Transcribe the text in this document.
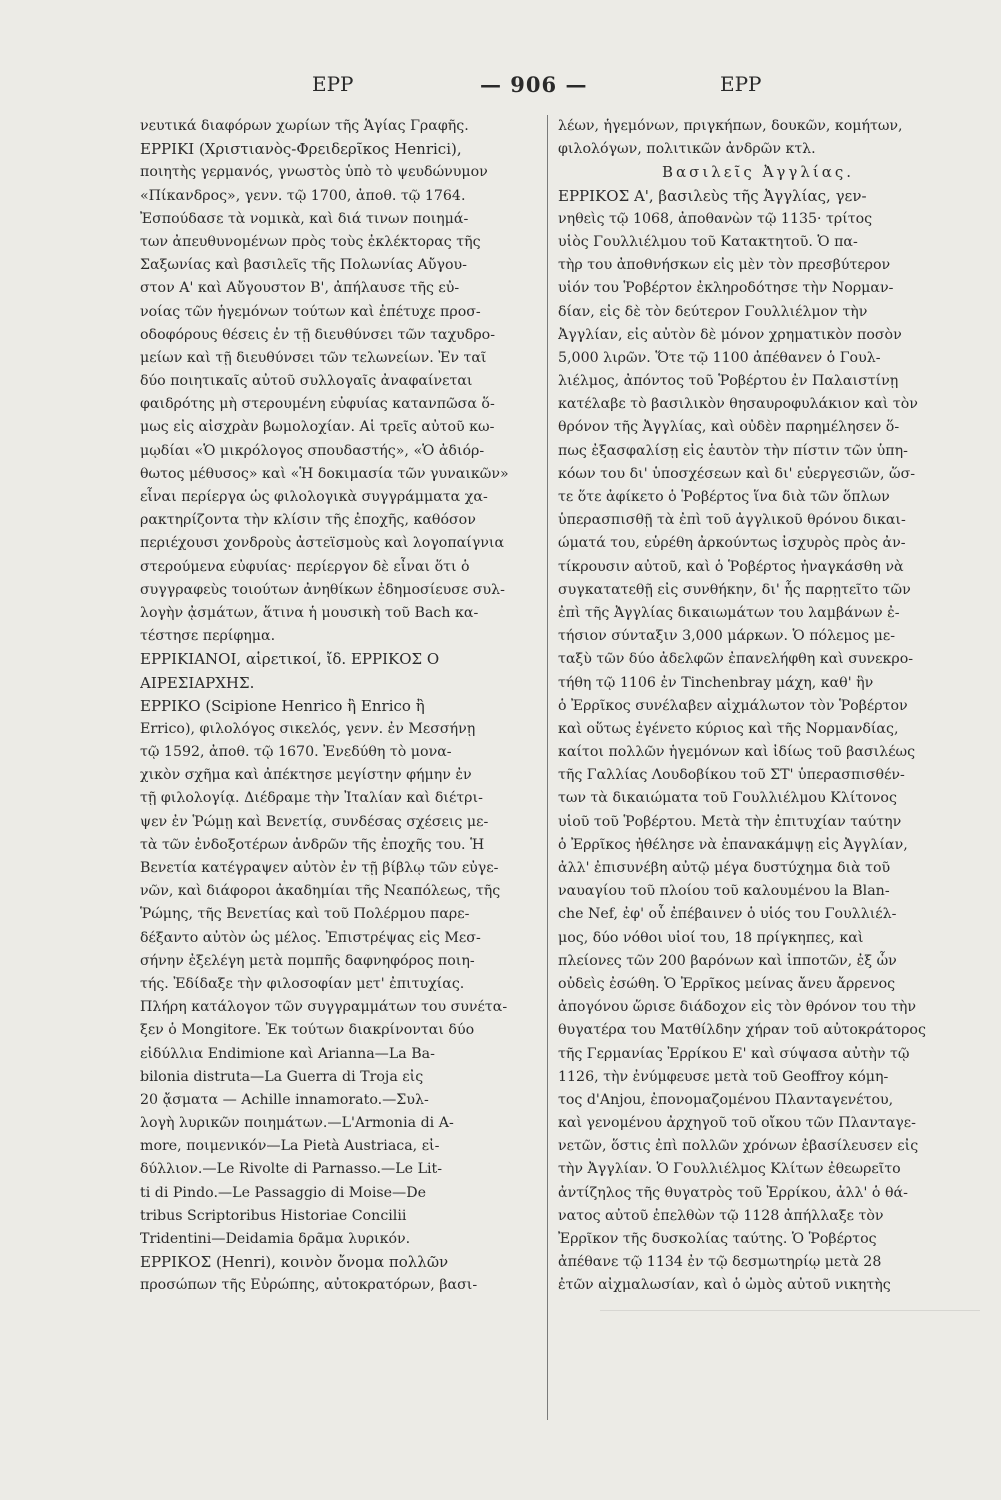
ΕΡΡ	— 906 —	ΕΡΡ
νευτικά διαφόρων χωρίων τῆς Ἁγίας Γραφῆς.
ΕΡΡΙΚΙ (Χριστιανὸς-Φρειδερῖκος Henrici),
ποιητὴς γερμανός, γνωστὸς ὑπὸ τὸ ψευδώνυμον
«Πίκανδρος», γενν. τῷ 1700, ἀποθ. τῷ 1764.
Ἐσπούδασε τὰ νομικὰ, καὶ διά τινων ποιημά-
των ἀπευθυνομένων πρὸς τοὺς ἐκλέκτορας τῆς
Σαξωνίας καὶ βασιλεῖς τῆς Πολωνίας Αὔγου-
στον Α' καὶ Αὔγουστον Β', ἀπήλαυσε τῆς εὐ-
νοίας τῶν ἡγεμόνων τούτων καὶ ἐπέτυχε προσ-
οδοφόρους θέσεις ἐν τῇ διευθύνσει τῶν ταχυδρο-
μείων καὶ τῇ διευθύνσει τῶν τελωνείων. Ἐν ταῖ
δύο ποιητικαῖς αὐτοῦ συλλογαῖς ἀναφαίνεται
φαιδρότης μὴ στερουμένη εὐφυίας κατανπῶσα ὅ-
μως εἰς αἰσχρὰν βωμολοχίαν. Αἱ τρεῖς αὐτοῦ κω-
μῳδίαι «Ὁ μικρόλογος σπουδαστής», «Ὁ ἀδιόρ-
θωτος μέθυσος» καὶ «Ἡ δοκιμασία τῶν γυναικῶν»
εἶναι περίεργα ὡς φιλολογικὰ συγγράμματα χα-
ρακτηρίζοντα τὴν κλίσιν τῆς ἐποχῆς, καθόσον
περιέχουσι χονδροὺς ἀστεϊσμοὺς καὶ λογοπαίγνια
στερούμενα εὐφυίας· περίεργον δὲ εἶναι ὅτι ὁ
συγγραφεὺς τοιούτων ἀνηθίκων ἐδημοσίευσε συλ-
λογὴν ᾀσμάτων, ἅτινα ἡ μουσικὴ τοῦ Bach κα-
τέστησε περίφημα.
ΕΡΡΙΚΙΑΝΟΙ, αἱρετικοί, ἴδ. ΕΡΡΙΚΟΣ Ο
ΑΙΡΕΣΙΑΡΧΗΣ.
ΕΡΡΙΚΟ (Scipione Henrico ἢ Enrico ἢ
Errico), φιλολόγος σικελός, γενν. ἐν Μεσσήνῃ
τῷ 1592, ἀποθ. τῷ 1670. Ἐνεδύθη τὸ μονα-
χικὸν σχῆμα καὶ ἀπέκτησε μεγίστην φήμην ἐν
τῇ φιλολογίᾳ. Διέδραμε τὴν Ἰταλίαν καὶ διέτρι-
ψεν ἐν Ῥώμῃ καὶ Βενετίᾳ, συνδέσας σχέσεις με-
τὰ τῶν ἐνδοξοτέρων ἀνδρῶν τῆς ἐποχῆς του. Ἡ
Βενετία κατέγραψεν αὐτὸν ἐν τῇ βίβλῳ τῶν εὐγε-
νῶν, καὶ διάφοροι ἀκαδημίαι τῆς Νεαπόλεως, τῆς
Ῥώμης, τῆς Βενετίας καὶ τοῦ Πολέρμου παρε-
δέξαντο αὐτὸν ὡς μέλος. Ἐπιστρέψας εἰς Μεσ-
σήνην ἐξελέγη μετὰ πομπῆς δαφνηφόρος ποιη-
τής. Ἐδίδαξε τὴν φιλοσοφίαν μετ' ἐπιτυχίας.
Πλήρη κατάλογον τῶν συγγραμμάτων του συνέτα-
ξεν ὁ Mongitore. Ἐκ τούτων διακρίνονται δύο
εἰδύλλια Endimione καὶ Arianna—La Ba-
bilonia distruta—La Guerra di Troja εἰς
20 ᾄσματα — Achille innamorato.—Συλ-
λογὴ λυρικῶν ποιημάτων.—L'Armonia di A-
more, ποιμενικόν—La Pietà Austriaca, εἰ-
δύλλιον.—Le Rivolte di Parnasso.—Le Lit-
ti di Pindo.—Le Passaggio di Moise—De
tribus Scriptoribus Historiae Concilii
Tridentini—Deidamia δρᾶμα λυρικόν.
ΕΡΡΙΚΟΣ (Henri), κοινὸν ὄνομα πολλῶν
προσώπων τῆς Εὐρώπης, αὐτοκρατόρων, βασι-
λέων, ἡγεμόνων, πριγκήπων, δουκῶν, κομήτων,
φιλολόγων, πολιτικῶν ἀνδρῶν κτλ.
Βασιλεῖς Ἀγγλίας.
ΕΡΡΙΚΟΣ Α', βασιλεὺς τῆς Ἀγγλίας, γεν-
νηθεὶς τῷ 1068, ἀποθανὼν τῷ 1135· τρίτος
υἱὸς Γουλλιέλμου τοῦ Κατακτητοῦ. Ὁ πα-
τὴρ του ἀποθνήσκων εἰς μὲν τὸν πρεσβύτερον
υἱόν του Ῥοβέρτον ἐκληροδότησε τὴν Νορμαν-
δίαν, εἰς δὲ τὸν δεύτερον Γουλλιέλμον τὴν
Ἀγγλίαν, εἰς αὐτὸν δὲ μόνον χρηματικὸν ποσὸν
5,000 λιρῶν. Ὅτε τῷ 1100 ἀπέθανεν ὁ Γουλ-
λιέλμος, ἀπόντος τοῦ Ῥοβέρτου ἐν Παλαιστίνῃ
κατέλαβε τὸ βασιλικὸν θησαυροφυλάκιον καὶ τὸν
θρόνον τῆς Ἀγγλίας, καὶ οὐδὲν παρημέλησεν ὅ-
πως ἐξασφαλίσῃ εἰς ἑαυτὸν τὴν πίστιν τῶν ὑπη-
κόων του δι' ὑποσχέσεων καὶ δι' εὐεργεσιῶν, ὥσ-
τε ὅτε ἀφίκετο ὁ Ῥοβέρτος ἵνα διὰ τῶν ὅπλων
ὑπερασπισθῇ τὰ ἐπὶ τοῦ ἀγγλικοῦ θρόνου δικαι-
ώματά του, εὑρέθη ἀρκούντως ἰσχυρὸς πρὸς ἀν-
τίκρουσιν αὐτοῦ, καὶ ὁ Ῥοβέρτος ἠναγκάσθη νὰ
συγκατατεθῇ εἰς συνθήκην, δι' ἧς παρῃτεῖτο τῶν
ἐπὶ τῆς Ἀγγλίας δικαιωμάτων του λαμβάνων ἐ-
τήσιον σύνταξιν 3,000 μάρκων. Ὁ πόλεμος με-
ταξὺ τῶν δύο ἀδελφῶν ἐπανελήφθη καὶ συνεκρο-
τήθη τῷ 1106 ἐν Tinchenbray μάχη, καθ' ἣν
ὁ Ἐρρῖκος συνέλαβεν αἰχμάλωτον τὸν Ῥοβέρτον
καὶ οὕτως ἐγένετο κύριος καὶ τῆς Νορμανδίας,
καίτοι πολλῶν ἡγεμόνων καὶ ἰδίως τοῦ βασιλέως
τῆς Γαλλίας Λουδοβίκου τοῦ ΣΤ' ὑπερασπισθέν-
των τὰ δικαιώματα τοῦ Γουλλιέλμου Κλίτονος
υἱοῦ τοῦ Ῥοβέρτου. Μετὰ τὴν ἐπιτυχίαν ταύτην
ὁ Ἐρρῖκος ἠθέλησε νὰ ἐπανακάμψῃ εἰς Ἀγγλίαν,
ἀλλ' ἐπισυνέβη αὐτῷ μέγα δυστύχημα διὰ τοῦ
ναυαγίου τοῦ πλοίου τοῦ καλουμένου la Blan-
che Nef, ἐφ' οὗ ἐπέβαινεν ὁ υἱός του Γουλλιέλ-
μος, δύο νόθοι υἱοί του, 18 πρίγκηπες, καὶ
πλείονες τῶν 200 βαρόνων καὶ ἱπποτῶν, ἐξ ὧν
οὐδεὶς ἐσώθη. Ὁ Ἐρρῖκος μείνας ἄνευ ἄρρενος
ἀπογόνου ὥρισε διάδοχον εἰς τὸν θρόνον του τὴν
θυγατέρα του Ματθίλδην χήραν τοῦ αὐτοκράτορος
τῆς Γερμανίας Ἐρρίκου Ε' καὶ σύψασα αὐτὴν τῷ
1126, τὴν ἐνύμφευσε μετὰ τοῦ Geoffroy κόμη-
τος d'Anjou, ἐπονομαζομένου Πλανταγενέτου,
καὶ γενομένου ἀρχηγοῦ τοῦ οἴκου τῶν Πλανταγε-
νετῶν, ὅστις ἐπὶ πολλῶν χρόνων ἐβασίλευσεν εἰς
τὴν Ἀγγλίαν. Ὁ Γουλλιέλμος Κλίτων ἐθεωρεῖτο
ἀντίζηλος τῆς θυγατρὸς τοῦ Ἐρρίκου, ἀλλ' ὁ θά-
νατος αὐτοῦ ἐπελθὼν τῷ 1128 ἀπήλλαξε τὸν
Ἐρρῖκον τῆς δυσκολίας ταύτης. Ὁ Ῥοβέρτος
ἀπέθανε τῷ 1134 ἐν τῷ δεσμωτηρίῳ μετὰ 28
ἐτῶν αἰχμαλωσίαν, καὶ ὁ ὠμὸς αὐτοῦ νικητὴς
